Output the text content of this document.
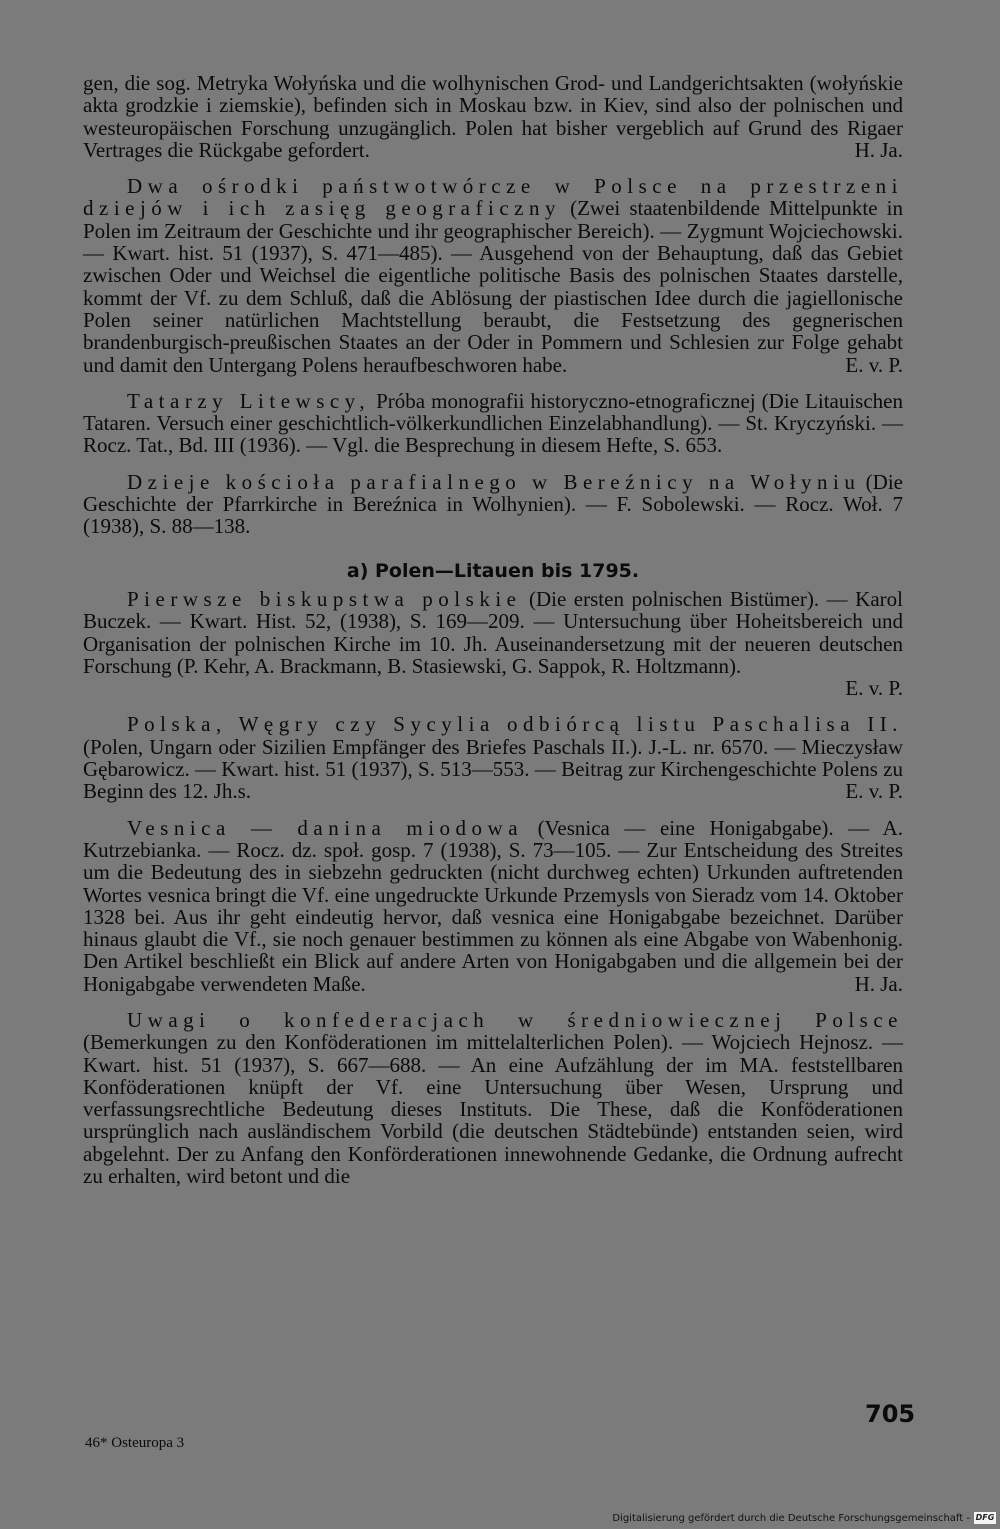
gen, die sog. Metryka Wołyńska und die wolhynischen Grod- und Landgerichtsakten (wołyńskie akta grodzkie i ziemskie), befinden sich in Moskau bzw. in Kiev, sind also der polnischen und westeuropäischen Forschung unzugänglich. Polen hat bisher vergeblich auf Grund des Rigaer Vertrages die Rückgabe gefordert.	H. Ja.

Dwa ośrodki państwotwórcze w Polsce na przestrzeni dziejów i ich zasięg geograficzny (Zwei staatenbildende Mittelpunkte in Polen im Zeitraum der Geschichte und ihr geographischer Bereich). — Zygmunt Wojciechowski. — Kwart. hist. 51 (1937), S. 471—485). — Ausgehend von der Behauptung, daß das Gebiet zwischen Oder und Weichsel die eigentliche politische Basis des polnischen Staates darstelle, kommt der Vf. zu dem Schluß, daß die Ablösung der piastischen Idee durch die jagiellonische Polen seiner natürlichen Machtstellung beraubt, die Festsetzung des gegnerischen brandenburgisch-preußischen Staates an der Oder in Pommern und Schlesien zur Folge gehabt und damit den Untergang Polens heraufbeschworen habe.	E. v. P.

Tatarzy Litewscy, Próba monografii historyczno-etnograficznej (Die Litauischen Tataren. Versuch einer geschichtlich-völkerkundlichen Einzelabhandlung). — St. Kryczyński. — Rocz. Tat., Bd. III (1936). — Vgl. die Besprechung in diesem Hefte, S. 653.

Dzieje kościoła parafialnego w Bereźnicy na Wołyniu (Die Geschichte der Pfarrkirche in Bereźnica in Wolhynien). — F. Sobolewski. — Rocz. Woł. 7 (1938), S. 88—138.

a) Polen—Litauen bis 1795.

Pierwsze biskupstwa polskie (Die ersten polnischen Bistümer). — Karol Buczek. — Kwart. Hist. 52, (1938), S. 169—209. — Untersuchung über Hoheitsbereich und Organisation der polnischen Kirche im 10. Jh. Auseinandersetzung mit der neueren deutschen Forschung (P. Kehr, A. Brackmann, B. Stasiewski, G. Sappok, R. Holtzmann).

E. v. P.

Polska, Węgry czy Sycylia odbiórcą listu Paschalisa II. (Polen, Ungarn oder Sizilien Empfänger des Briefes Paschals II.). J.-L. nr. 6570. — Mieczysław Gębarowicz. — Kwart. hist. 51 (1937), S. 513—553. — Beitrag zur Kirchengeschichte Polens zu Beginn des 12. Jh.s.	E. v. P.

Vesnica — danina miodowa (Vesnica — eine Honigabgabe). — A. Kutrzebianka. — Rocz. dz. społ. gosp. 7 (1938), S. 73—105. — Zur Entscheidung des Streites um die Bedeutung des in siebzehn gedruckten (nicht durchweg echten) Urkunden auftretenden Wortes vesnica bringt die Vf. eine ungedruckte Urkunde Przemysls von Sieradz vom 14. Oktober 1328 bei. Aus ihr geht eindeutig hervor, daß vesnica eine Honigabgabe bezeichnet. Darüber hinaus glaubt die Vf., sie noch genauer bestimmen zu können als eine Abgabe von Wabenhonig. Den Artikel beschließt ein Blick auf andere Arten von Honigabgaben und die allgemein bei der Honigabgabe verwendeten Maße.	H. Ja.

Uwagi o konfederacjach w średniowiecznej Polsce (Bemerkungen zu den Konföderationen im mittelalterlichen Polen). — Wojciech Hejnosz. — Kwart. hist. 51 (1937), S. 667—688. — An eine Aufzählung der im MA. feststellbaren Konföderationen knüpft der Vf. eine Untersuchung über Wesen, Ursprung und verfassungsrechtliche Bedeutung dieses Instituts. Die These, daß die Konföderationen ursprünglich nach ausländischem Vorbild (die deutschen Städtebünde) entstanden seien, wird abgelehnt. Der zu Anfang den Konförderationen innewohnende Gedanke, die Ordnung aufrecht zu erhalten, wird betont und die

705
46* Osteuropa 3
Digitalisierung gefördert durch die Deutsche Forschungsgemeinschaft - DFG
